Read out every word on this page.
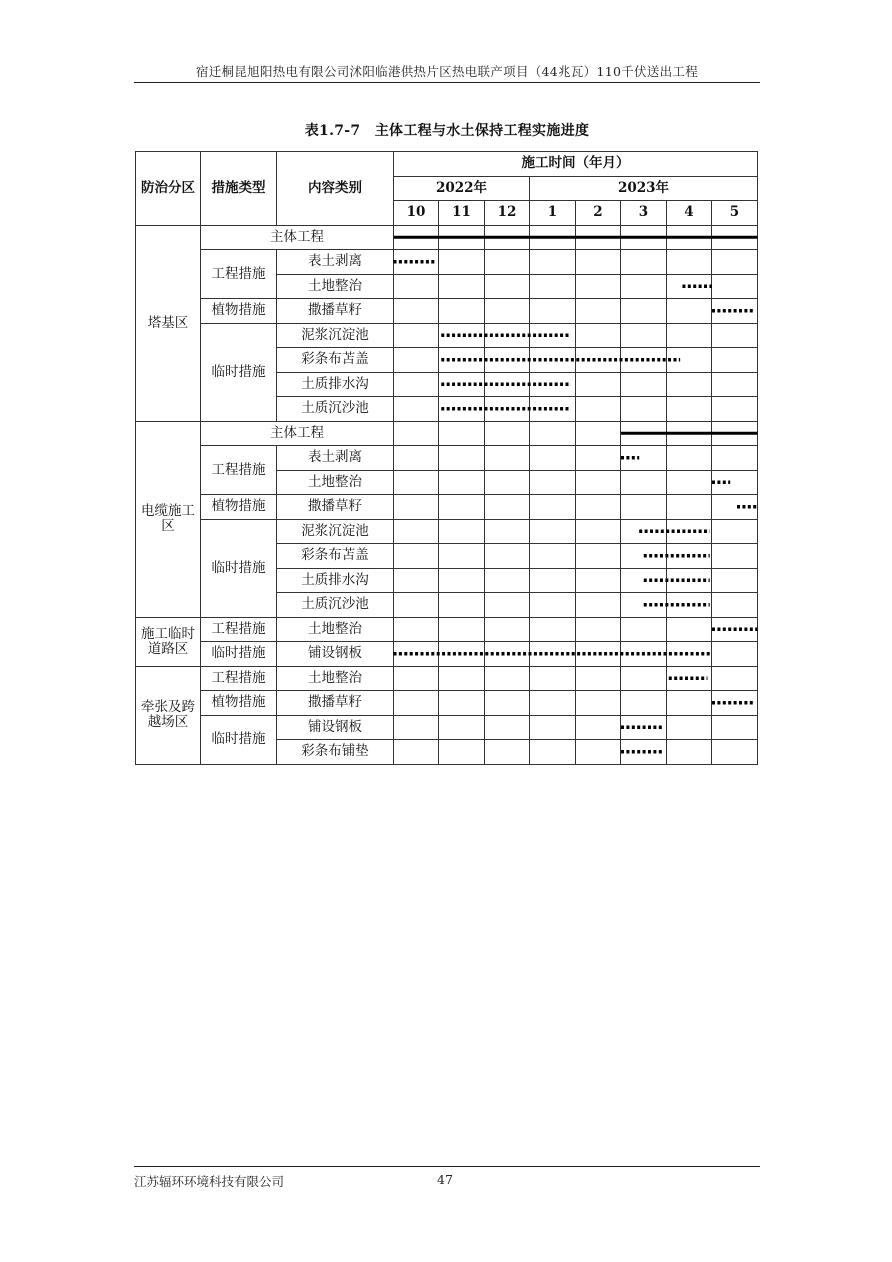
宿迁桐昆旭阳热电有限公司沭阳临港供热片区热电联产项目（44兆瓦）110千伏送出工程
表1.7-7　主体工程与水土保持工程实施进度
防治分区	措施类型	内容类别	施工时间（年月）							
			2022年			2023年				
			10	11	12	1	2	3	4	5
塔基区	主体工程									
	工程措施	表土剥离								
		土地整治								
	植物措施	撒播草籽								
	临时措施	泥浆沉淀池								
		彩条布苫盖								
		土质排水沟								
		土质沉沙池								
电缆施工区	主体工程									
	工程措施	表土剥离								
		土地整治								
	植物措施	撒播草籽								
	临时措施	泥浆沉淀池								
		彩条布苫盖								
		土质排水沟								
		土质沉沙池								
施工临时道路区	工程措施	土地整治								
	临时措施	铺设钢板								
牵张及跨越场区	工程措施	土地整治								
	植物措施	撒播草籽								
	临时措施	铺设钢板								
		彩条布铺垫								
江苏辐环环境科技有限公司	47
